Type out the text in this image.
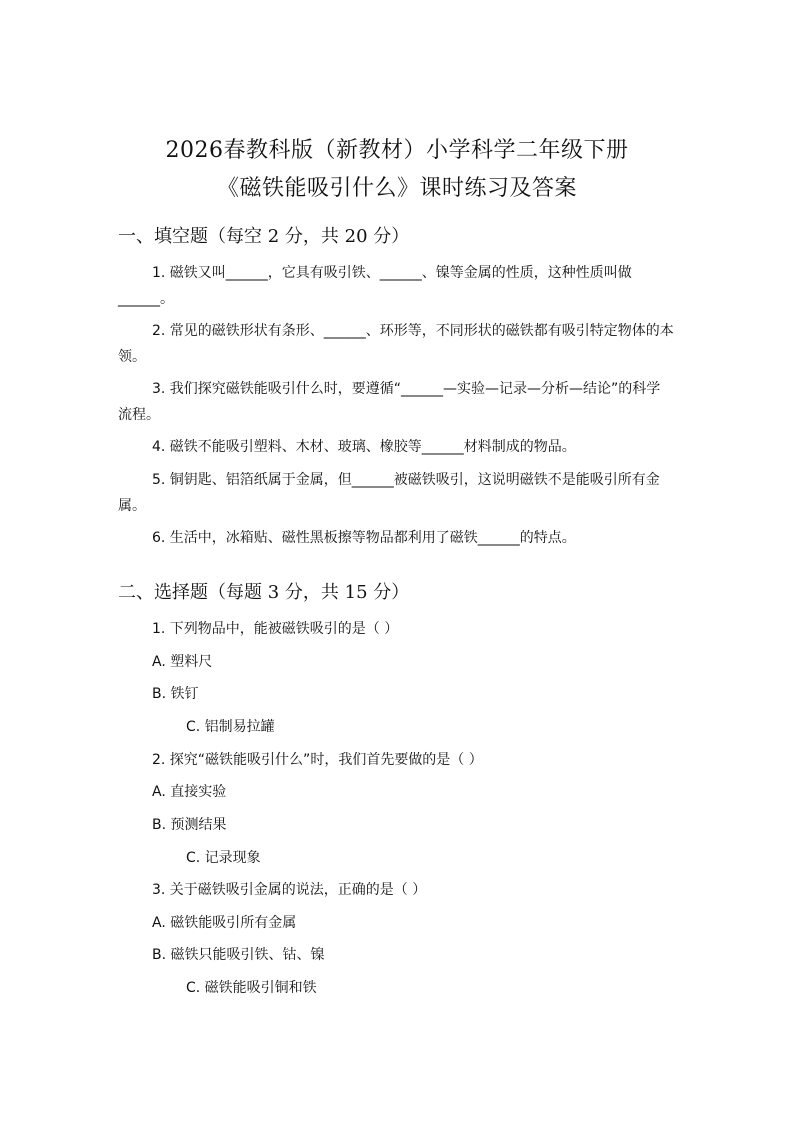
2026春教科版（新教材）小学科学二年级下册
《磁铁能吸引什么》课时练习及答案
一、填空题（每空 2 分，共 20 分）
1. 磁铁又叫______，它具有吸引铁、______、镍等金属的性质，这种性质叫做______。
2. 常见的磁铁形状有条形、______、环形等，不同形状的磁铁都有吸引特定物体的本领。
3. 我们探究磁铁能吸引什么时，要遵循“______—实验—记录—分析—结论”的科学流程。
4. 磁铁不能吸引塑料、木材、玻璃、橡胶等______材料制成的物品。
5. 铜钥匙、铝箔纸属于金属，但______被磁铁吸引，这说明磁铁不是能吸引所有金属。
6. 生活中，冰箱贴、磁性黑板擦等物品都利用了磁铁______的特点。
二、选择题（每题 3 分，共 15 分）
1. 下列物品中，能被磁铁吸引的是（ ）
A. 塑料尺
B. 铁钉
C. 铝制易拉罐
2. 探究“磁铁能吸引什么”时，我们首先要做的是（ ）
A. 直接实验
B. 预测结果
C. 记录现象
3. 关于磁铁吸引金属的说法，正确的是（ ）
A. 磁铁能吸引所有金属
B. 磁铁只能吸引铁、钴、镍
C. 磁铁能吸引铜和铁
